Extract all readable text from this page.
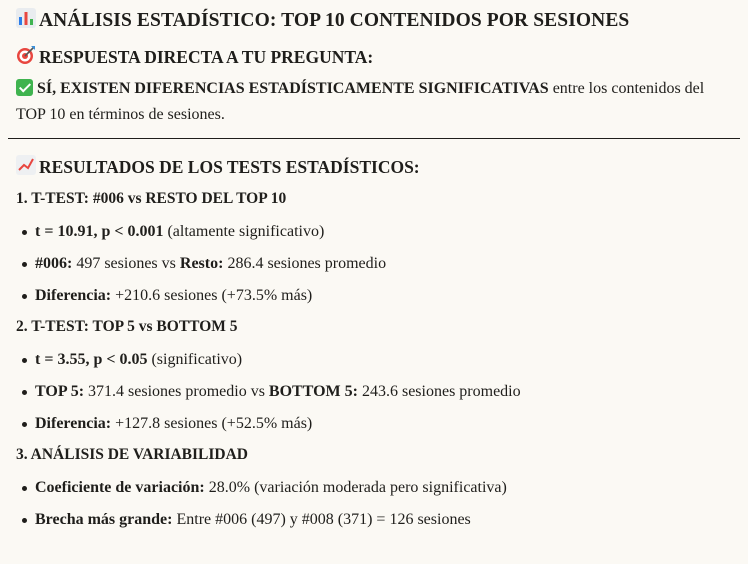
ANÁLISIS ESTADÍSTICO: TOP 10 CONTENIDOS POR SESIONES
RESPUESTA DIRECTA A TU PREGUNTA:

SÍ, EXISTEN DIFERENCIAS ESTADÍSTICAMENTE SIGNIFICATIVAS entre los contenidos del TOP 10 en términos de sesiones.

RESULTADOS DE LOS TESTS ESTADÍSTICOS:
1. T-TEST: #006 vs RESTO DEL TOP 10
t = 10.91, p < 0.001 (altamente significativo)
#006: 497 sesiones vs Resto: 286.4 sesiones promedio
Diferencia: +210.6 sesiones (+73.5% más)
2. T-TEST: TOP 5 vs BOTTOM 5
t = 3.55, p < 0.05 (significativo)
TOP 5: 371.4 sesiones promedio vs BOTTOM 5: 243.6 sesiones promedio
Diferencia: +127.8 sesiones (+52.5% más)
3. ANÁLISIS DE VARIABILIDAD
Coeficiente de variación: 28.0% (variación moderada pero significativa)
Brecha más grande: Entre #006 (497) y #008 (371) = 126 sesiones
